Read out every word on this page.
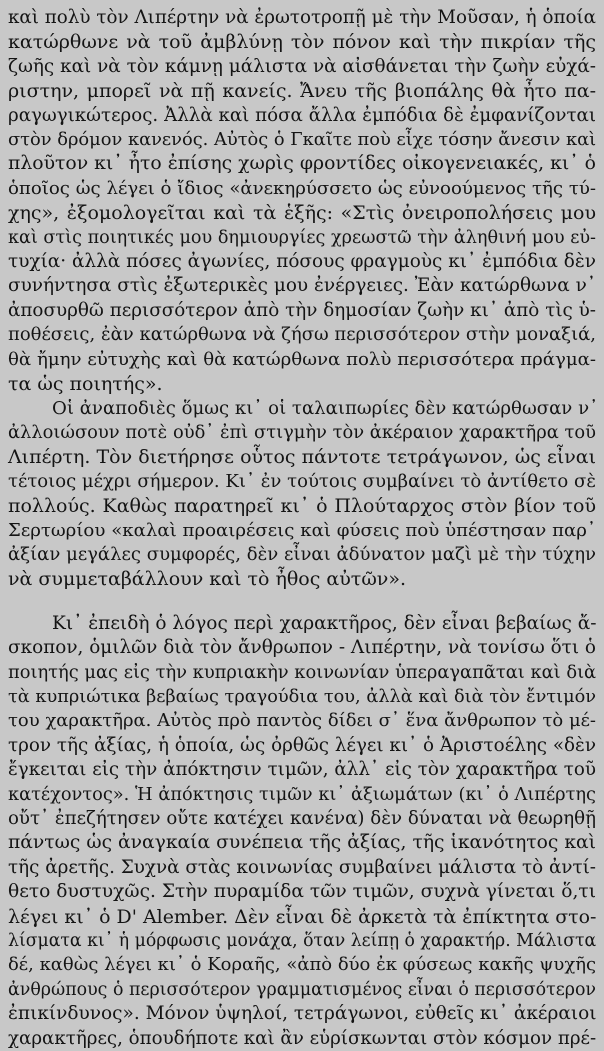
καὶ πολὺ τὸν Λιπέρτην νὰ ἐρωτοτροπῇ μὲ τὴν Μοῦσαν, ἡ ὁποία
κατώρθωνε νὰ τοῦ ἀμβλύνῃ τὸν πόνον καὶ τὴν πικρίαν τῆς
ζωῆς καὶ νὰ τὸν κάμνῃ μάλιστα νὰ αἰσθάνεται τὴν ζωὴν εὐχά-
ριστην, μπορεῖ νὰ πῇ κανείς. Ἄνευ τῆς βιοπάλης θὰ ἦτο πα-
ραγωγικώτερος. Ἀλλὰ καὶ πόσα ἄλλα ἐμπόδια δὲ ἐμφανίζονται
στὸν δρόμον κανενός. Αὐτὸς ὁ Γκαῖτε ποὺ εἶχε τόσην ἄνεσιν καὶ
πλοῦτον κι᾽ ἦτο ἐπίσης χωρὶς φροντίδες οἰκογενειακές, κι᾽ ὁ
ὁποῖος ὡς λέγει ὁ ἴδιος «ἀνεκηρύσσετο ὡς εὐνοούμενος τῆς τύ-
χης», ἐξομολογεῖται καὶ τὰ ἑξῆς: «Στὶς ὀνειροπολήσεις μου
καὶ στὶς ποιητικές μου δημιουργίες χρεωστῶ τὴν ἀληθινή μου εὐ-
τυχία· ἀλλὰ πόσες ἀγωνίες, πόσους φραγμοὺς κι᾽ ἐμπόδια δὲν
συνήντησα στὶς ἐξωτερικὲς μου ἐνέργειες. Ἐὰν κατώρθωνα ν᾽
ἀποσυρθῶ περισσότερον ἀπὸ τὴν δημοσίαν ζωὴν κι᾽ ἀπὸ τὶς ὑ-
ποθέσεις, ἐὰν κατώρθωνα νὰ ζήσω περισσότερον στὴν μοναξιά,
θὰ ἤμην εὐτυχὴς καὶ θὰ κατώρθωνα πολὺ περισσότερα πράγμα-
τα ὡς ποιητής».
Οἱ ἀναποδιὲς ὅμως κι᾽ οἱ ταλαιπωρίες δὲν κατώρθωσαν ν᾽
ἀλλοιώσουν ποτὲ οὐδ᾽ ἐπὶ στιγμὴν τὸν ἀκέραιον χαρακτῆρα τοῦ
Λιπέρτη. Τὸν διετήρησε οὗτος πάντοτε τετράγωνον, ὡς εἶναι
τέτοιος μέχρι σήμερον. Κι᾽ ἐν τούτοις συμβαίνει τὸ ἀντίθετο σὲ
πολλούς. Καθὼς παρατηρεῖ κι᾽ ὁ Πλούταρχος στὸν βίον τοῦ
Σερτωρίου «καλαὶ προαιρέσεις καὶ φύσεις ποὺ ὑπέστησαν παρ᾽
ἀξίαν μεγάλες συμφορές, δὲν εἶναι ἀδύνατον μαζὶ μὲ τὴν τύχην
νὰ συμμεταβάλλουν καὶ τὸ ἦθος αὐτῶν».
Κι᾽ ἐπειδὴ ὁ λόγος περὶ χαρακτῆρος, δὲν εἶναι βεβαίως ἄ-
σκοπον, ὁμιλῶν διὰ τὸν ἄνθρωπον - Λιπέρτην, νὰ τονίσω ὅτι ὁ
ποιητής μας εἰς τὴν κυπριακὴν κοινωνίαν ὑπεραγαπᾶται καὶ διὰ
τὰ κυπριώτικα βεβαίως τραγούδια του, ἀλλὰ καὶ διὰ τὸν ἔντιμόν
του χαρακτῆρα. Αὐτὸς πρὸ παντὸς δίδει σ᾽ ἕνα ἄνθρωπον τὸ μέ-
τρον τῆς ἀξίας, ἡ ὁποία, ὡς ὀρθῶς λέγει κι᾽ ὁ Ἀριστοέλης «δὲν
ἔγκειται εἰς τὴν ἀπόκτησιν τιμῶν, ἀλλ᾽ εἰς τὸν χαρακτῆρα τοῦ
κατέχοντος». Ἡ ἀπόκτησις τιμῶν κι᾽ ἀξιωμάτων (κι᾽ ὁ Λιπέρτης
οὔτ᾽ ἐπεζήτησεν οὔτε κατέχει κανένα) δὲν δύναται νὰ θεωρηθῇ
πάντως ὡς ἀναγκαία συνέπεια τῆς ἀξίας, τῆς ἱκανότητος καὶ
τῆς ἀρετῆς. Συχνὰ στὰς κοινωνίας συμβαίνει μάλιστα τὸ ἀντί-
θετο δυστυχῶς. Στὴν πυραμίδα τῶν τιμῶν, συχνὰ γίνεται ὅ,τι
λέγει κι᾽ ὁ D' Alember. Δὲν εἶναι δὲ ἀρκετὰ τὰ ἐπίκτητα στο-
λίσματα κι᾽ ἡ μόρφωσις μονάχα, ὅταν λείπῃ ὁ χαρακτήρ. Μάλιστα
δέ, καθὼς λέγει κι᾽ ὁ Κοραῆς, «ἀπὸ δύο ἐκ φύσεως κακῆς ψυχῆς
ἀνθρώπους ὁ περισσότερον γραμματισμένος εἶναι ὁ περισσότερον
ἐπικίνδυνος». Μόνον ὑψηλοί, τετράγωνοι, εὐθεῖς κι᾽ ἀκέραιοι
χαρακτῆρες, ὁπουδήποτε καὶ ἂν εὑρίσκωνται στὸν κόσμον πρέ-
